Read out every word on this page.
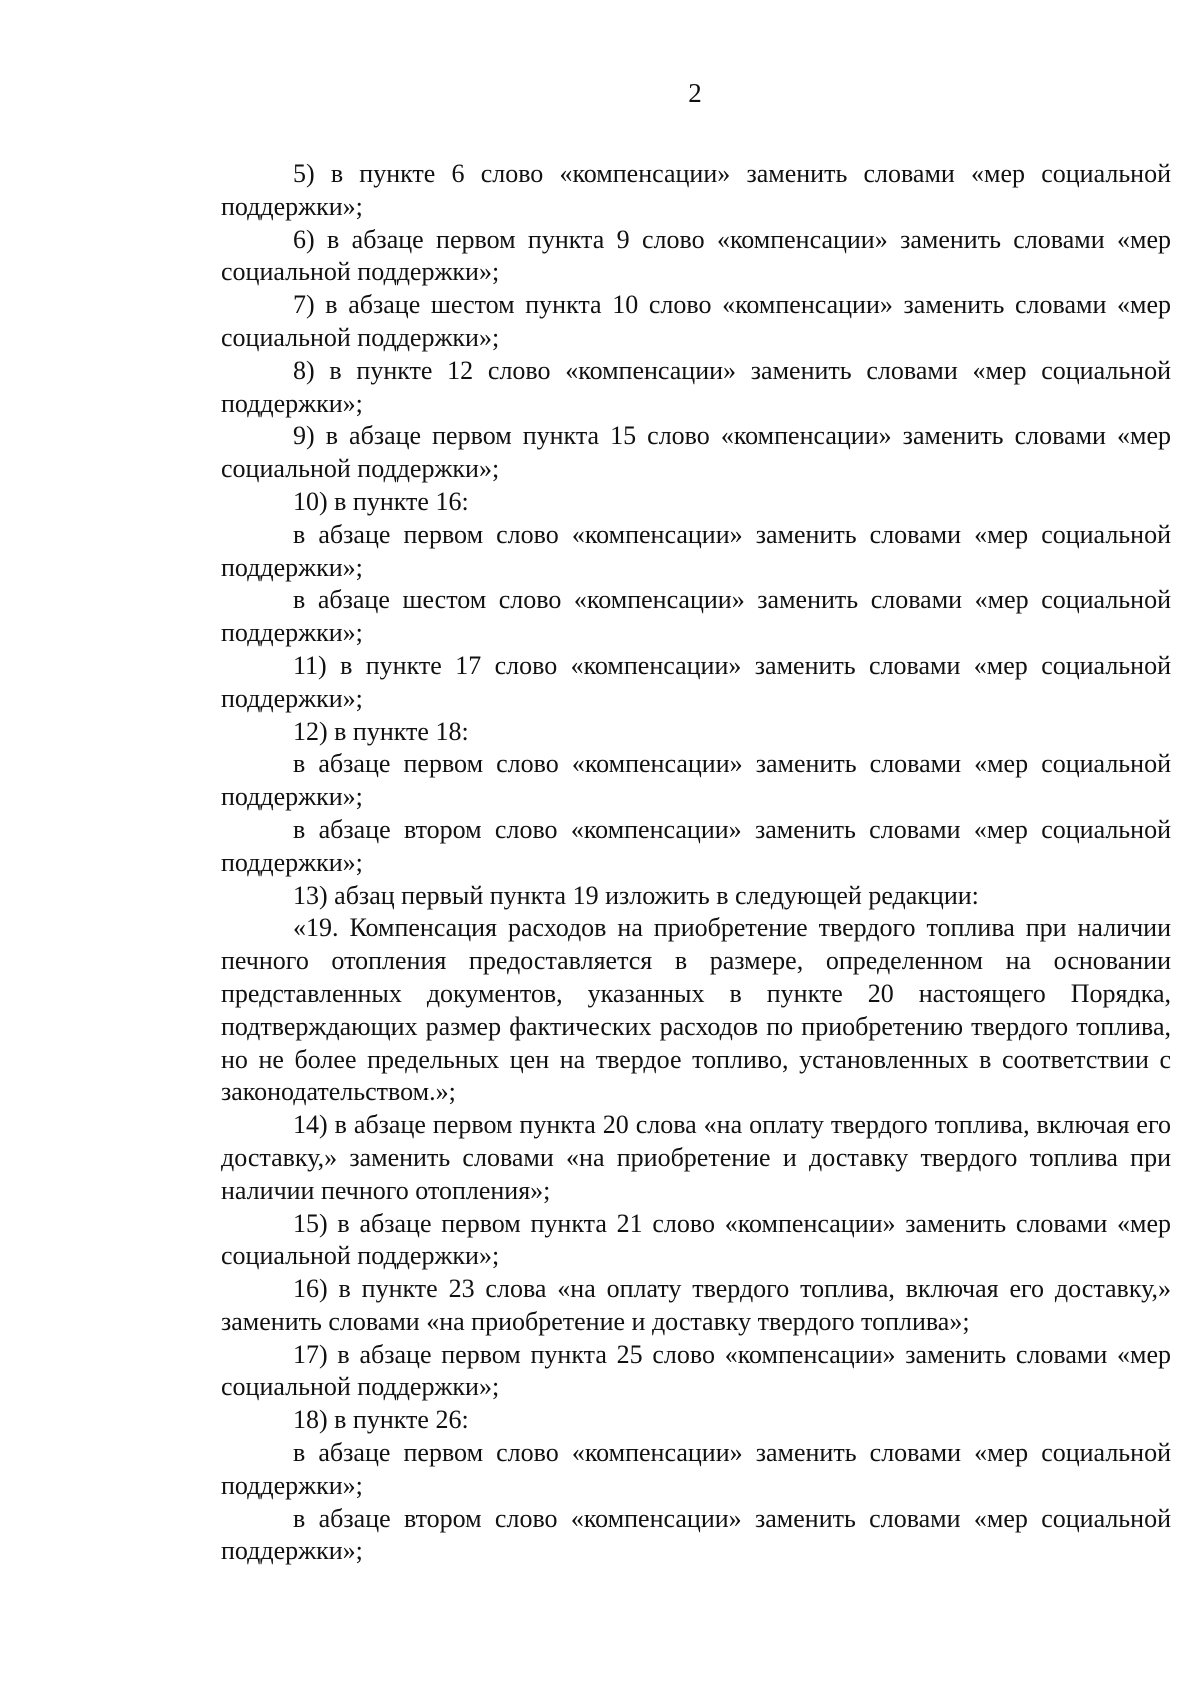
2

5) в пункте 6 слово «компенсации» заменить словами «мер социальной поддержки»;

6) в абзаце первом пункта 9 слово «компенсации» заменить словами «мер социальной поддержки»;

7) в абзаце шестом пункта 10 слово «компенсации» заменить словами «мер социальной поддержки»;

8) в пункте 12 слово «компенсации» заменить словами «мер социальной поддержки»;

9) в абзаце первом пункта 15 слово «компенсации» заменить словами «мер социальной поддержки»;

10) в пункте 16:

в абзаце первом слово «компенсации» заменить словами «мер социальной поддержки»;

в абзаце шестом слово «компенсации» заменить словами «мер социальной поддержки»;

11) в пункте 17 слово «компенсации» заменить словами «мер социальной поддержки»;

12) в пункте 18:

в абзаце первом слово «компенсации» заменить словами «мер социальной поддержки»;

в абзаце втором слово «компенсации» заменить словами «мер социальной поддержки»;

13) абзац первый пункта 19 изложить в следующей редакции:

«19. Компенсация расходов на приобретение твердого топлива при наличии печного отопления предоставляется в размере, определенном на основании представленных документов, указанных в пункте 20 настоящего Порядка, подтверждающих размер фактических расходов по приобретению твердого топлива, но не более предельных цен на твердое топливо, установленных в соответствии с законодательством.»;

14) в абзаце первом пункта 20 слова «на оплату твердого топлива, включая его доставку,» заменить словами «на приобретение и доставку твердого топлива при наличии печного отопления»;

15) в абзаце первом пункта 21 слово «компенсации» заменить словами «мер социальной поддержки»;

16) в пункте 23 слова «на оплату твердого топлива, включая его доставку,» заменить словами «на приобретение и доставку твердого топлива»;

17) в абзаце первом пункта 25 слово «компенсации» заменить словами «мер социальной поддержки»;

18) в пункте 26:

в абзаце первом слово «компенсации» заменить словами «мер социальной поддержки»;

в абзаце втором слово «компенсации» заменить словами «мер социальной поддержки»;
